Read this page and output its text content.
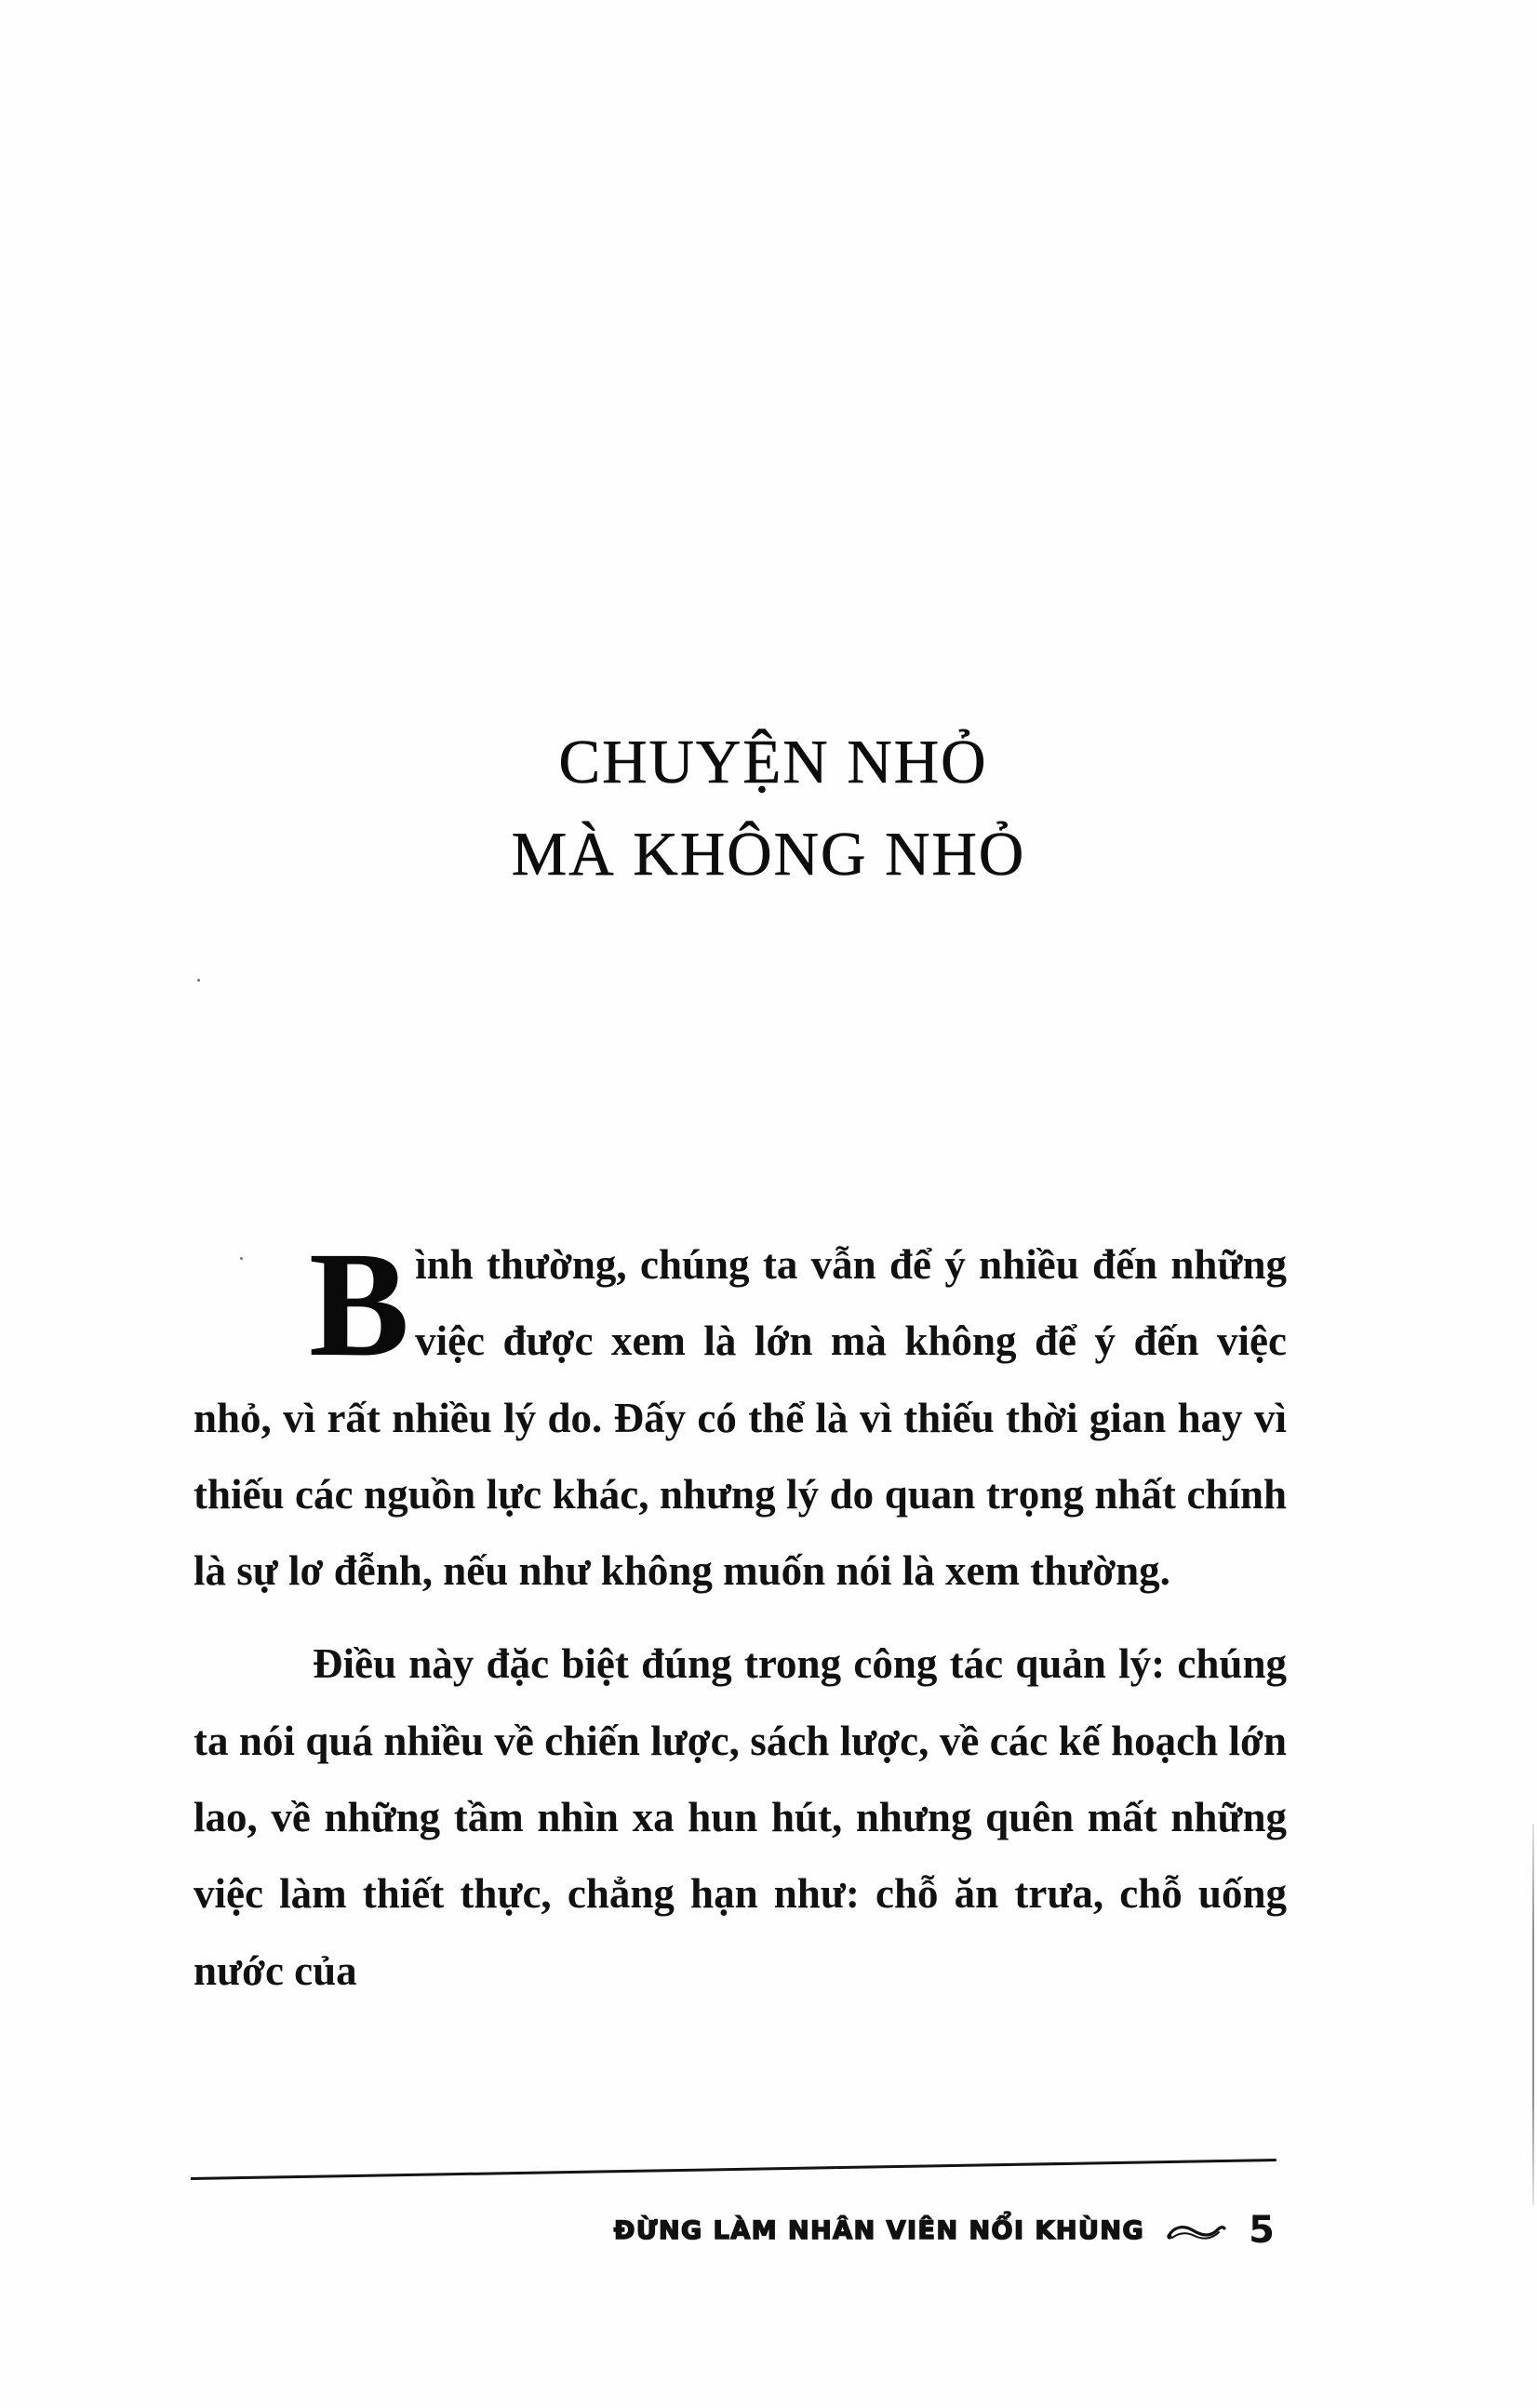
CHUYỆN NHỎ
MÀ KHÔNG NHỎ

Bình thường, chúng ta vẫn để ý nhiều đến những việc được xem là lớn mà không để ý đến việc nhỏ, vì rất nhiều lý do. Đấy có thể là vì thiếu thời gian hay vì thiếu các nguồn lực khác, nhưng lý do quan trọng nhất chính là sự lơ đễnh, nếu như không muốn nói là xem thường.

Điều này đặc biệt đúng trong công tác quản lý: chúng ta nói quá nhiều về chiến lược, sách lược, về các kế hoạch lớn lao, về những tầm nhìn xa hun hút, nhưng quên mất những việc làm thiết thực, chẳng hạn như: chỗ ăn trưa, chỗ uống nước của

ĐỪNG LÀM NHÂN VIÊN NỔI KHÙNG	5
